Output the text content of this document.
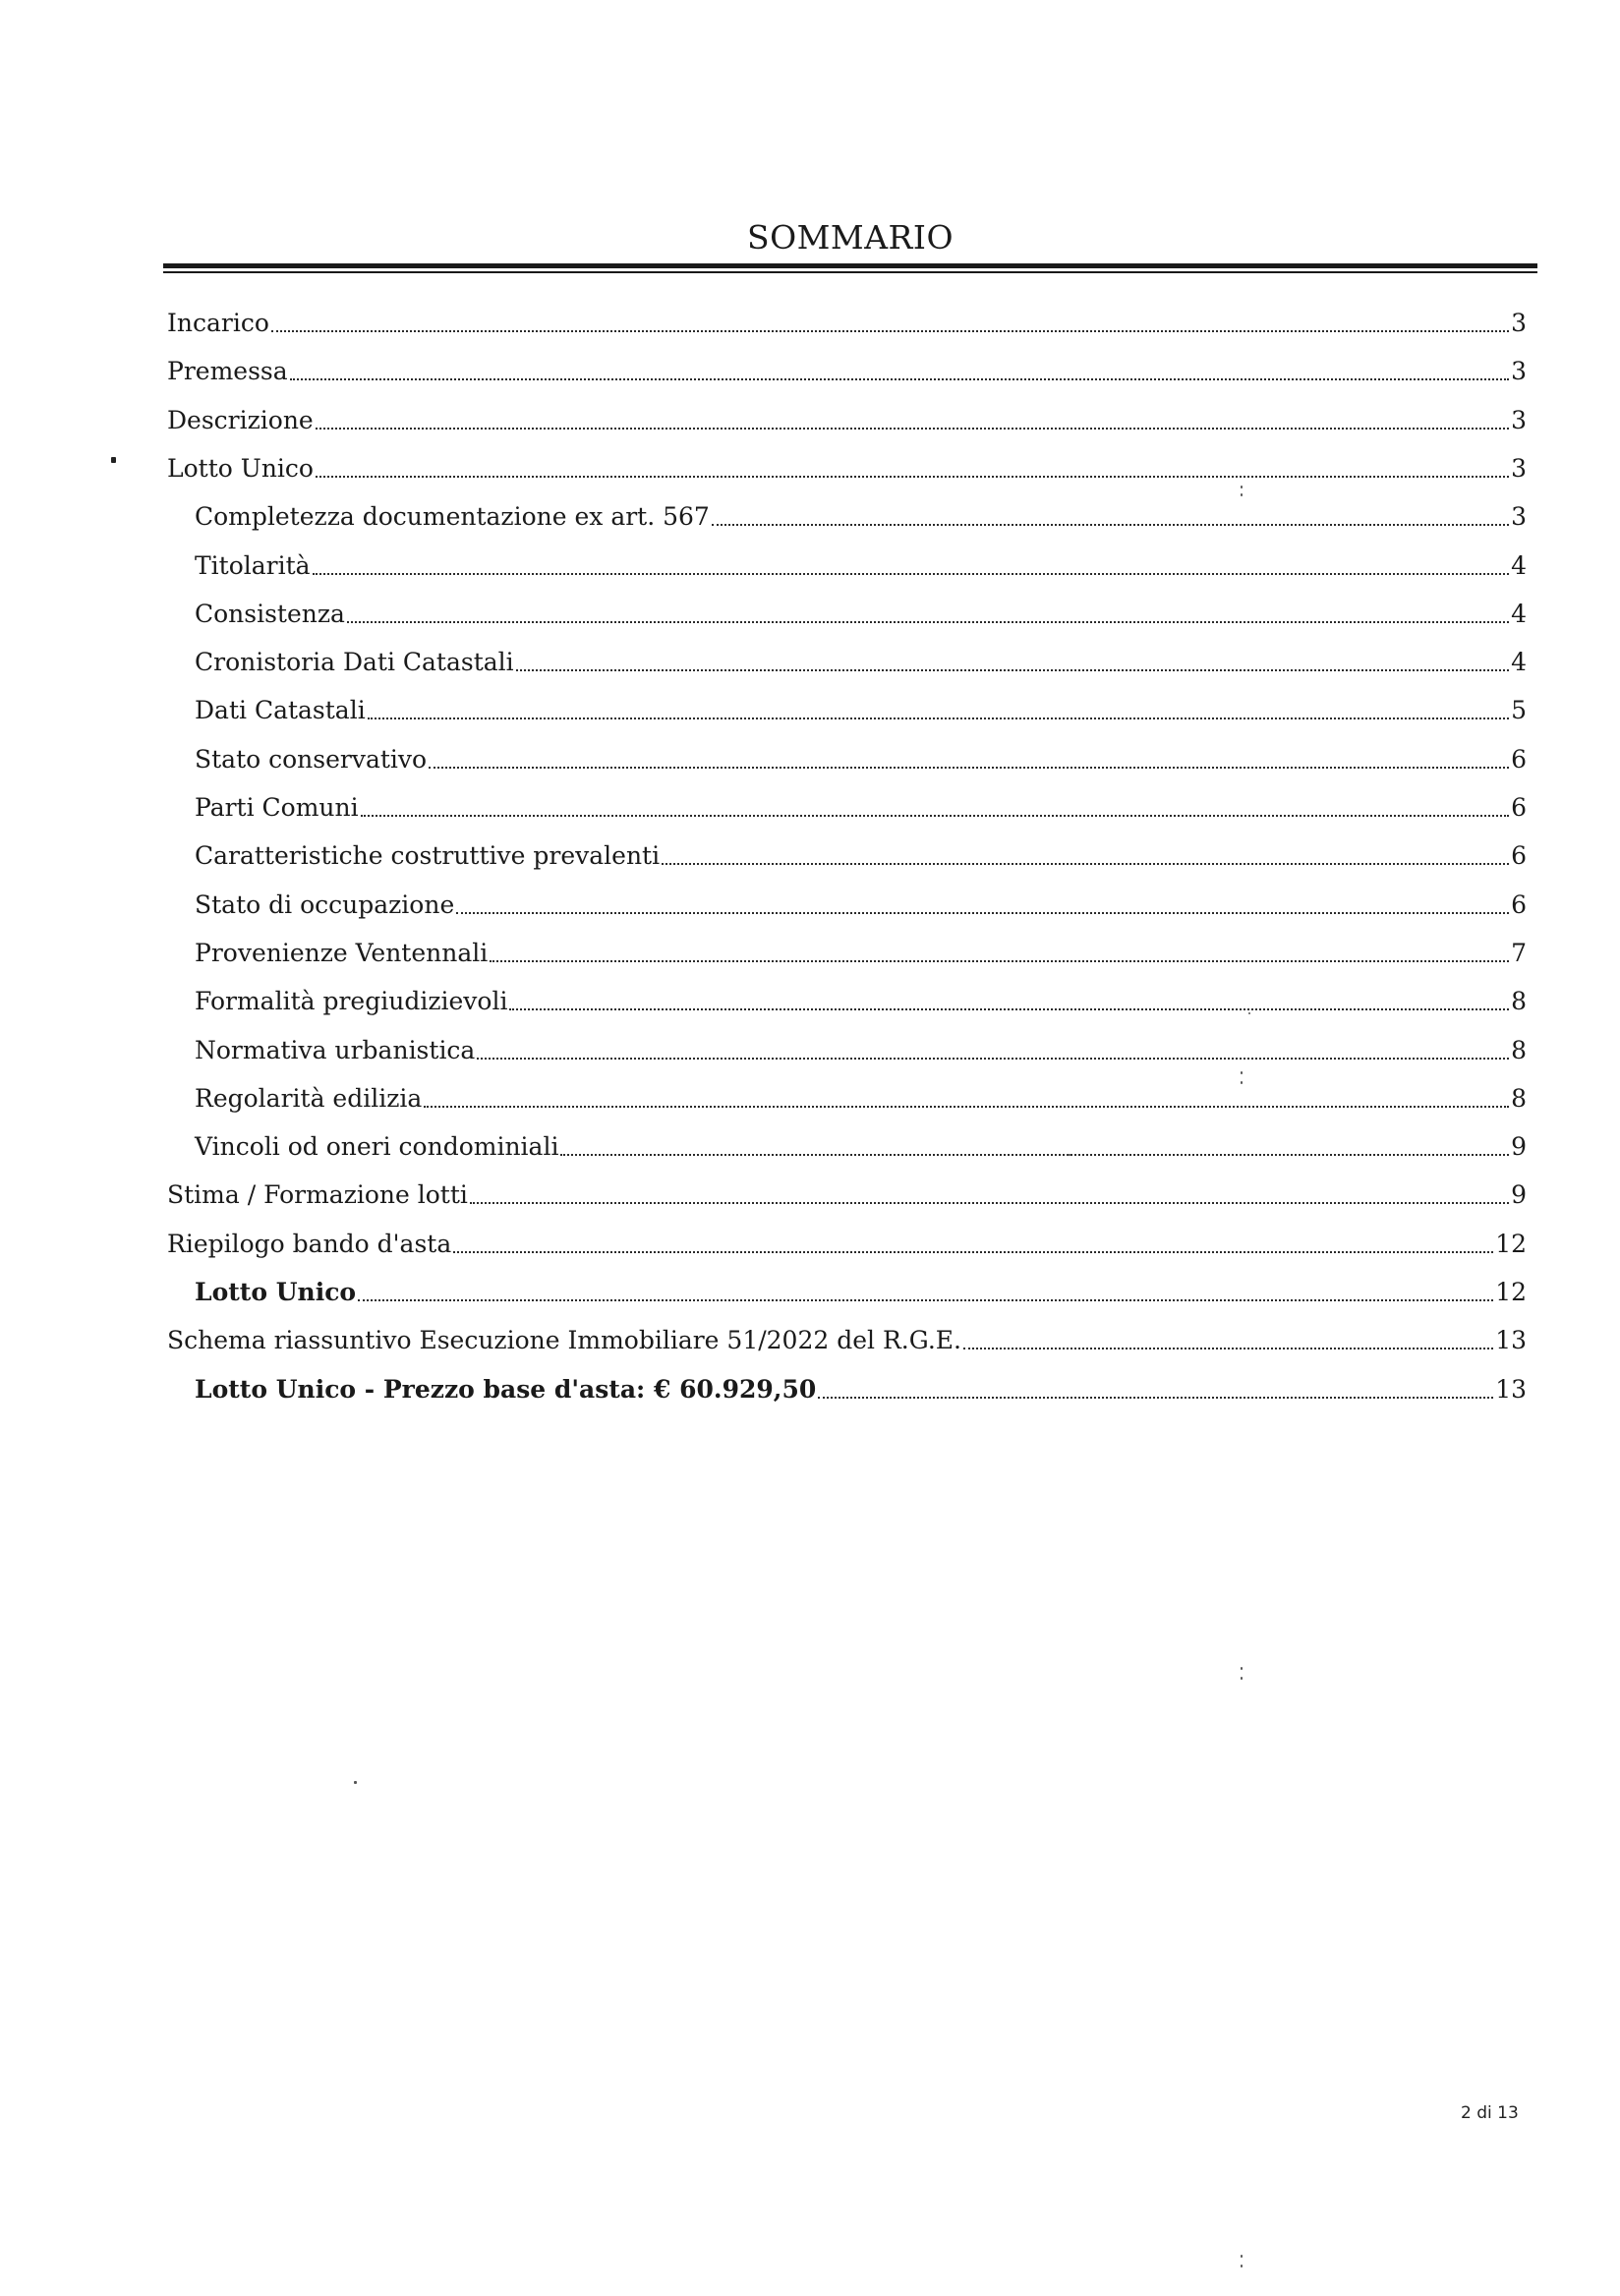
SOMMARIO
Incarico	3
Premessa	3
Descrizione	3
Lotto Unico	3
Completezza documentazione ex art. 567	3
Titolarità	4
Consistenza	4
Cronistoria Dati Catastali	4
Dati Catastali	5
Stato conservativo	6
Parti Comuni	6
Caratteristiche costruttive prevalenti	6
Stato di occupazione	6
Provenienze Ventennali	7
Formalità pregiudizievoli	8
Normativa urbanistica	8
Regolarità edilizia	8
Vincoli od oneri condominiali	9
Stima / Formazione lotti	9
Riepilogo bando d'asta	12
Lotto Unico	12
Schema riassuntivo Esecuzione Immobiliare 51/2022 del R.G.E.	13
Lotto Unico - Prezzo base d'asta: € 60.929,50	13
2 di 13
